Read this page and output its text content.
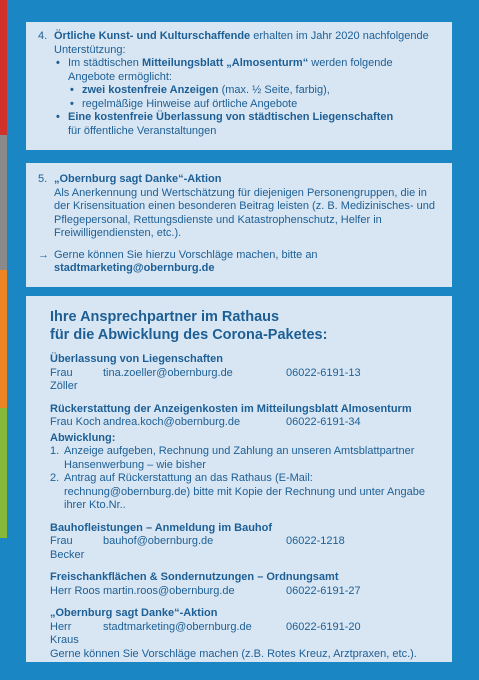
4. Örtliche Kunst- und Kulturschaffende erhalten im Jahr 2020 nachfolgende Unterstützung:
• Im städtischen Mitteilungsblatt „Almosenturm“ werden folgende Angebote ermöglicht:
• zwei kostenfreie Anzeigen (max. ½ Seite, farbig),
• regelmäßige Hinweise auf örtliche Angebote
• Eine kostenfreie Überlassung von städtischen Liegenschaften
für öffentliche Veranstaltungen
5. „Obernburg sagt Danke“-Aktion
Als Anerkennung und Wertschätzung für diejenigen Personengruppen, die in der Krisensituation einen besonderen Beitrag leisten (z. B. Medizinisches- und Pflegepersonal, Rettungsdienste und Katastrophenschutz, Helfer in Freiwilligendiensten, etc.).
→ Gerne können Sie hierzu Vorschläge machen, bitte an
stadtmarketing@obernburg.de
Ihre Ansprechpartner im Rathaus
für die Abwicklung des Corona-Paketes:
Überlassung von Liegenschaften
Frau Zöller
tina.zoeller@obernburg.de	06022-6191-13
Rückerstattung der Anzeigenkosten im Mitteilungsblatt Almosenturm
Frau Koch andrea.koch@obernburg.de	06022-6191-34
Abwicklung:
1. Anzeige aufgeben, Rechnung und Zahlung an unseren Amtsblattpartner Hansenwerbung – wie bisher
2. Antrag auf Rückerstattung an das Rathaus (E-Mail: rechnung@obernburg.de) bitte mit Kopie der Rechnung und unter Angabe ihrer Kto.Nr..
Bauhofleistungen – Anmeldung im Bauhof
Frau Becker
bauhof@obernburg.de	06022-1218
Freischankflächen & Sondernutzungen – Ordnungsamt
Herr Roos martin.roos@obernburg.de	06022-6191-27
„Obernburg sagt Danke“-Aktion
Herr Kraus
stadtmarketing@obernburg.de	06022-6191-20
Gerne können Sie Vorschläge machen (z.B. Rotes Kreuz, Arztpraxen, etc.).
